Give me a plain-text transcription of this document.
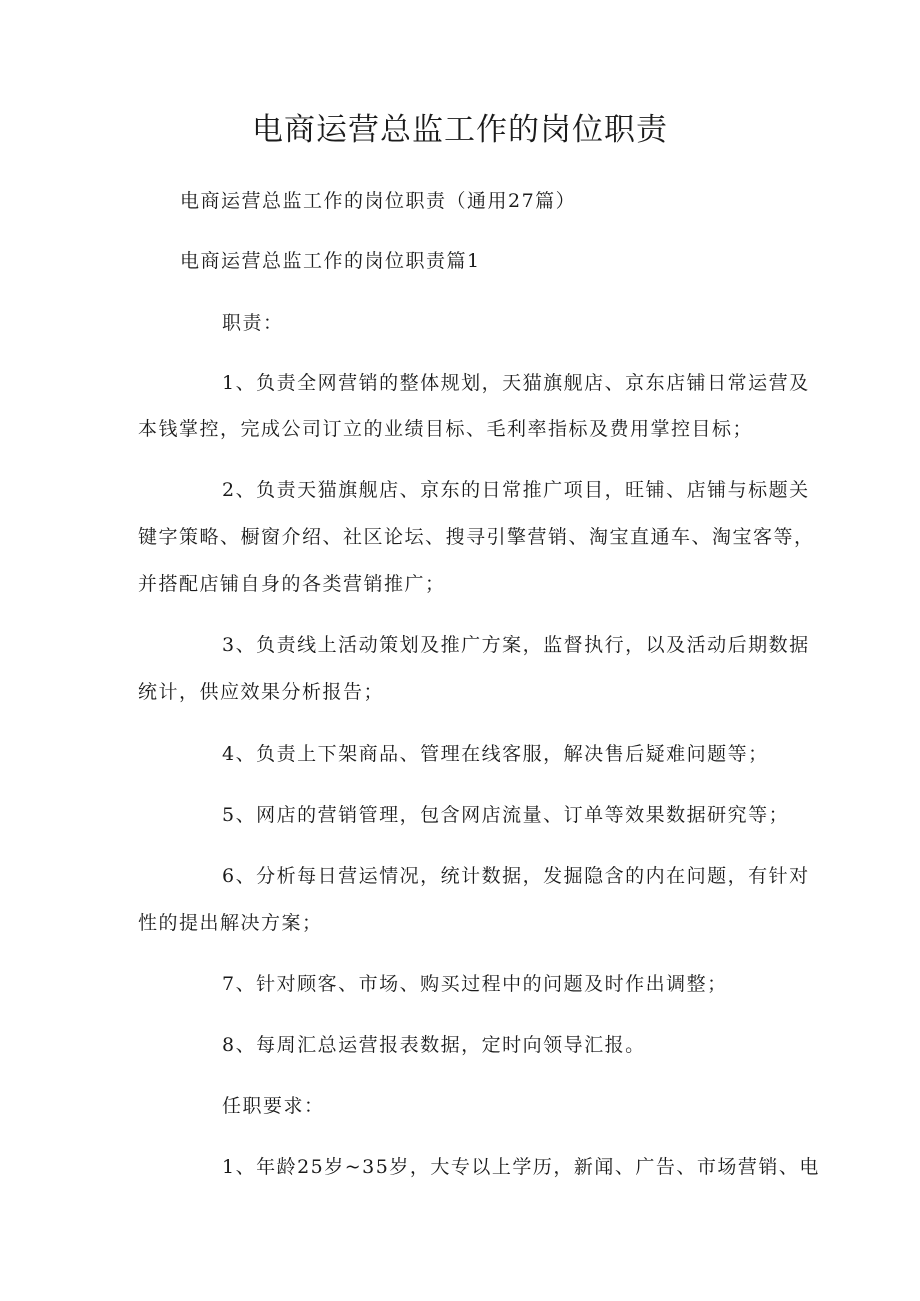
电商运营总监工作的岗位职责
电商运营总监工作的岗位职责（通用27篇）
电商运营总监工作的岗位职责篇1
职责：
1、负责全网营销的整体规划，天猫旗舰店、京东店铺日常运营及
本钱掌控，完成公司订立的业绩目标、毛利率指标及费用掌控目标；
2、负责天猫旗舰店、京东的日常推广项目，旺铺、店铺与标题关
键字策略、橱窗介绍、社区论坛、搜寻引擎营销、淘宝直通车、淘宝客等，
并搭配店铺自身的各类营销推广；
3、负责线上活动策划及推广方案，监督执行，以及活动后期数据
统计，供应效果分析报告；
4、负责上下架商品、管理在线客服，解决售后疑难问题等；
5、网店的营销管理，包含网店流量、订单等效果数据研究等；
6、分析每日营运情况，统计数据，发掘隐含的内在问题，有针对
性的提出解决方案；
7、针对顾客、市场、购买过程中的问题及时作出调整；
8、每周汇总运营报表数据，定时向领导汇报。
任职要求：
1、年龄25岁~35岁，大专以上学历，新闻、广告、市场营销、电
